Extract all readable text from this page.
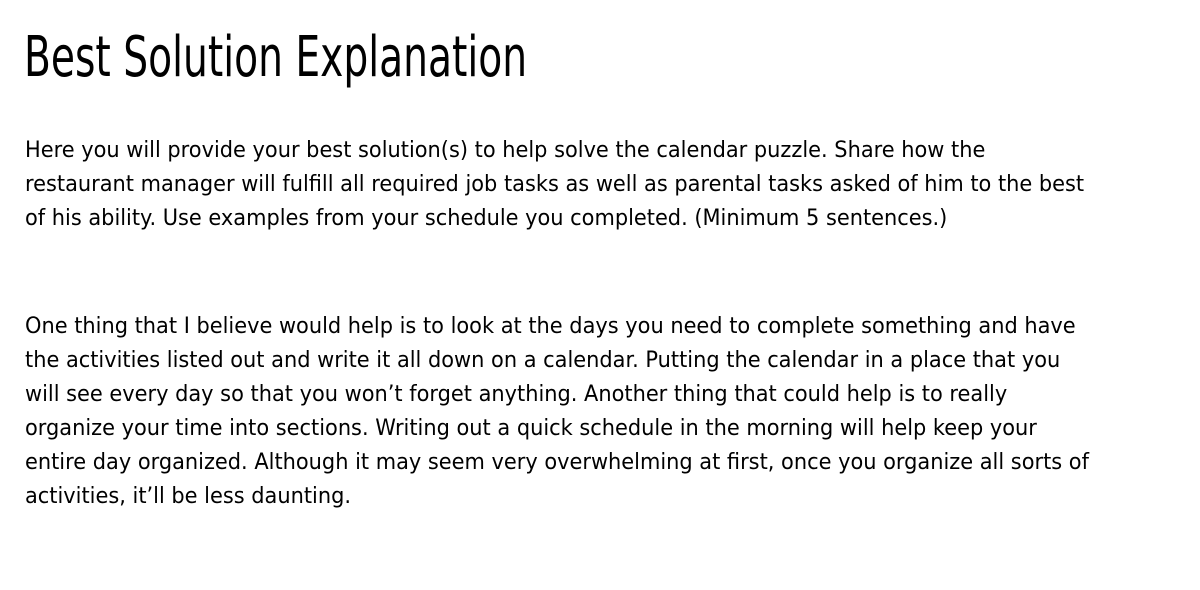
Best Solution Explanation
Here you will provide your best solution(s) to help solve the calendar puzzle. Share how the
restaurant manager will fulfill all required job tasks as well as parental tasks asked of him to the best
of his ability. Use examples from your schedule you completed. (Minimum 5 sentences.)
One thing that I believe would help is to look at the days you need to complete something and have
the activities listed out and write it all down on a calendar. Putting the calendar in a place that you
will see every day so that you won’t forget anything. Another thing that could help is to really
organize your time into sections. Writing out a quick schedule in the morning will help keep your
entire day organized. Although it may seem very overwhelming at first, once you organize all sorts of
activities, it’ll be less daunting.
